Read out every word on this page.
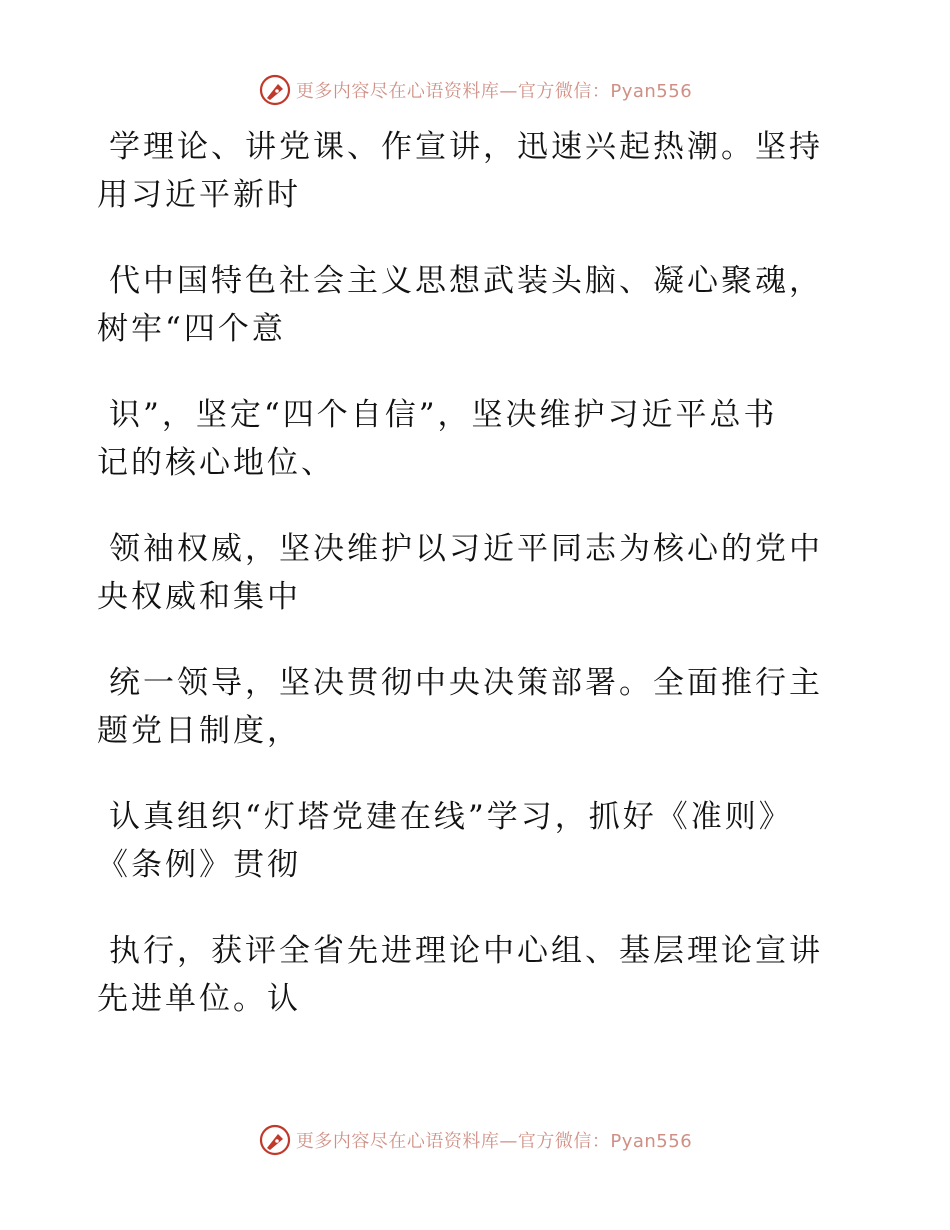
更多内容尽在心语资料库—官方微信：Pyan556

学理论、讲党课、作宣讲，迅速兴起热潮。坚持
用习近平新时

代中国特色社会主义思想武装头脑、凝心聚魂，
树牢“四个意

识”，坚定“四个自信”，坚决维护习近平总书
记的核心地位、

领袖权威，坚决维护以习近平同志为核心的党中
央权威和集中

统一领导，坚决贯彻中央决策部署。全面推行主
题党日制度，

认真组织“灯塔党建在线”学习，抓好《准则》
《条例》贯彻

执行，获评全省先进理论中心组、基层理论宣讲
先进单位。认

更多内容尽在心语资料库—官方微信：Pyan556
